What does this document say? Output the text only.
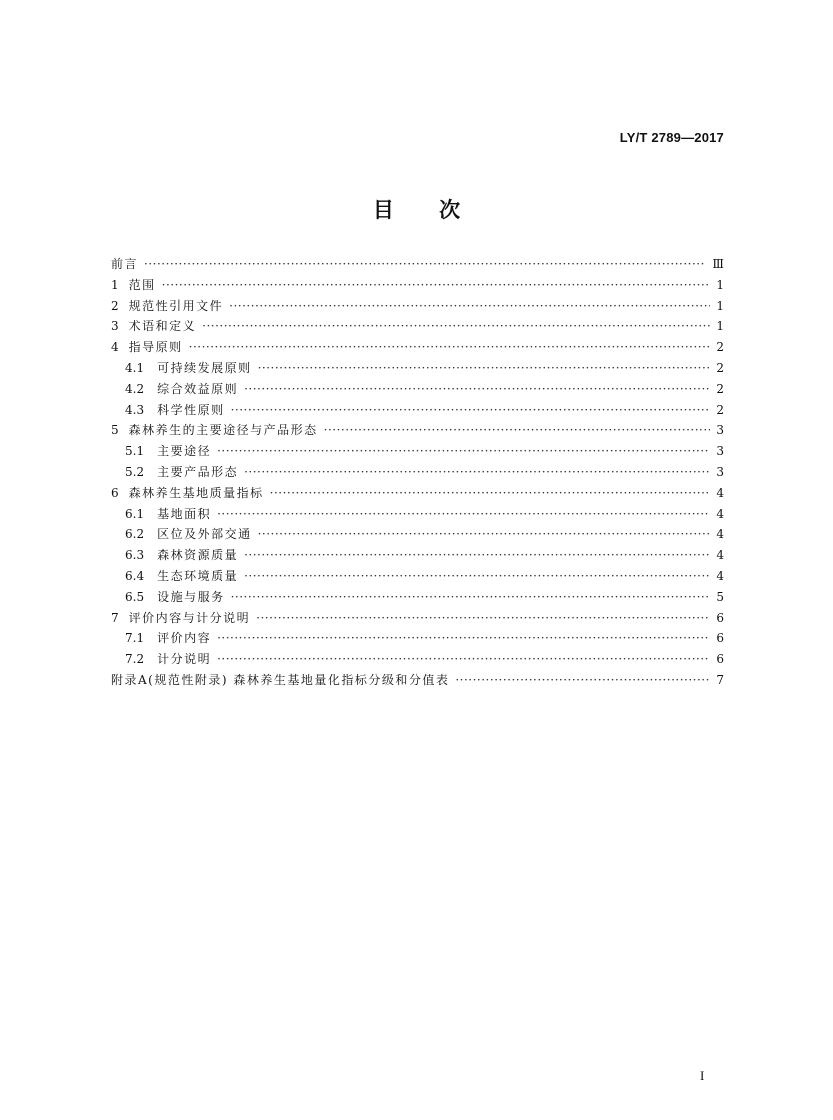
LY/T 2789—2017
目 次
前言 ·····	Ⅲ
1 范围 ·····	1
2 规范性引用文件 ·····	1
3 术语和定义 ·····	1
4 指导原则 ·····	2
4.1 可持续发展原则 ·····	2
4.2 综合效益原则 ·····	2
4.3 科学性原则 ·····	2
5 森林养生的主要途径与产品形态 ·····	3
5.1 主要途径 ·····	3
5.2 主要产品形态 ·····	3
6 森林养生基地质量指标 ·····	4
6.1 基地面积 ·····	4
6.2 区位及外部交通 ·····	4
6.3 森林资源质量 ·····	4
6.4 生态环境质量 ·····	4
6.5 设施与服务 ·····	5
7 评价内容与计分说明 ·····	6
7.1 评价内容 ·····	6
7.2 计分说明 ·····	6
附录A(规范性附录) 森林养生基地量化指标分级和分值表 ·····	7
I
